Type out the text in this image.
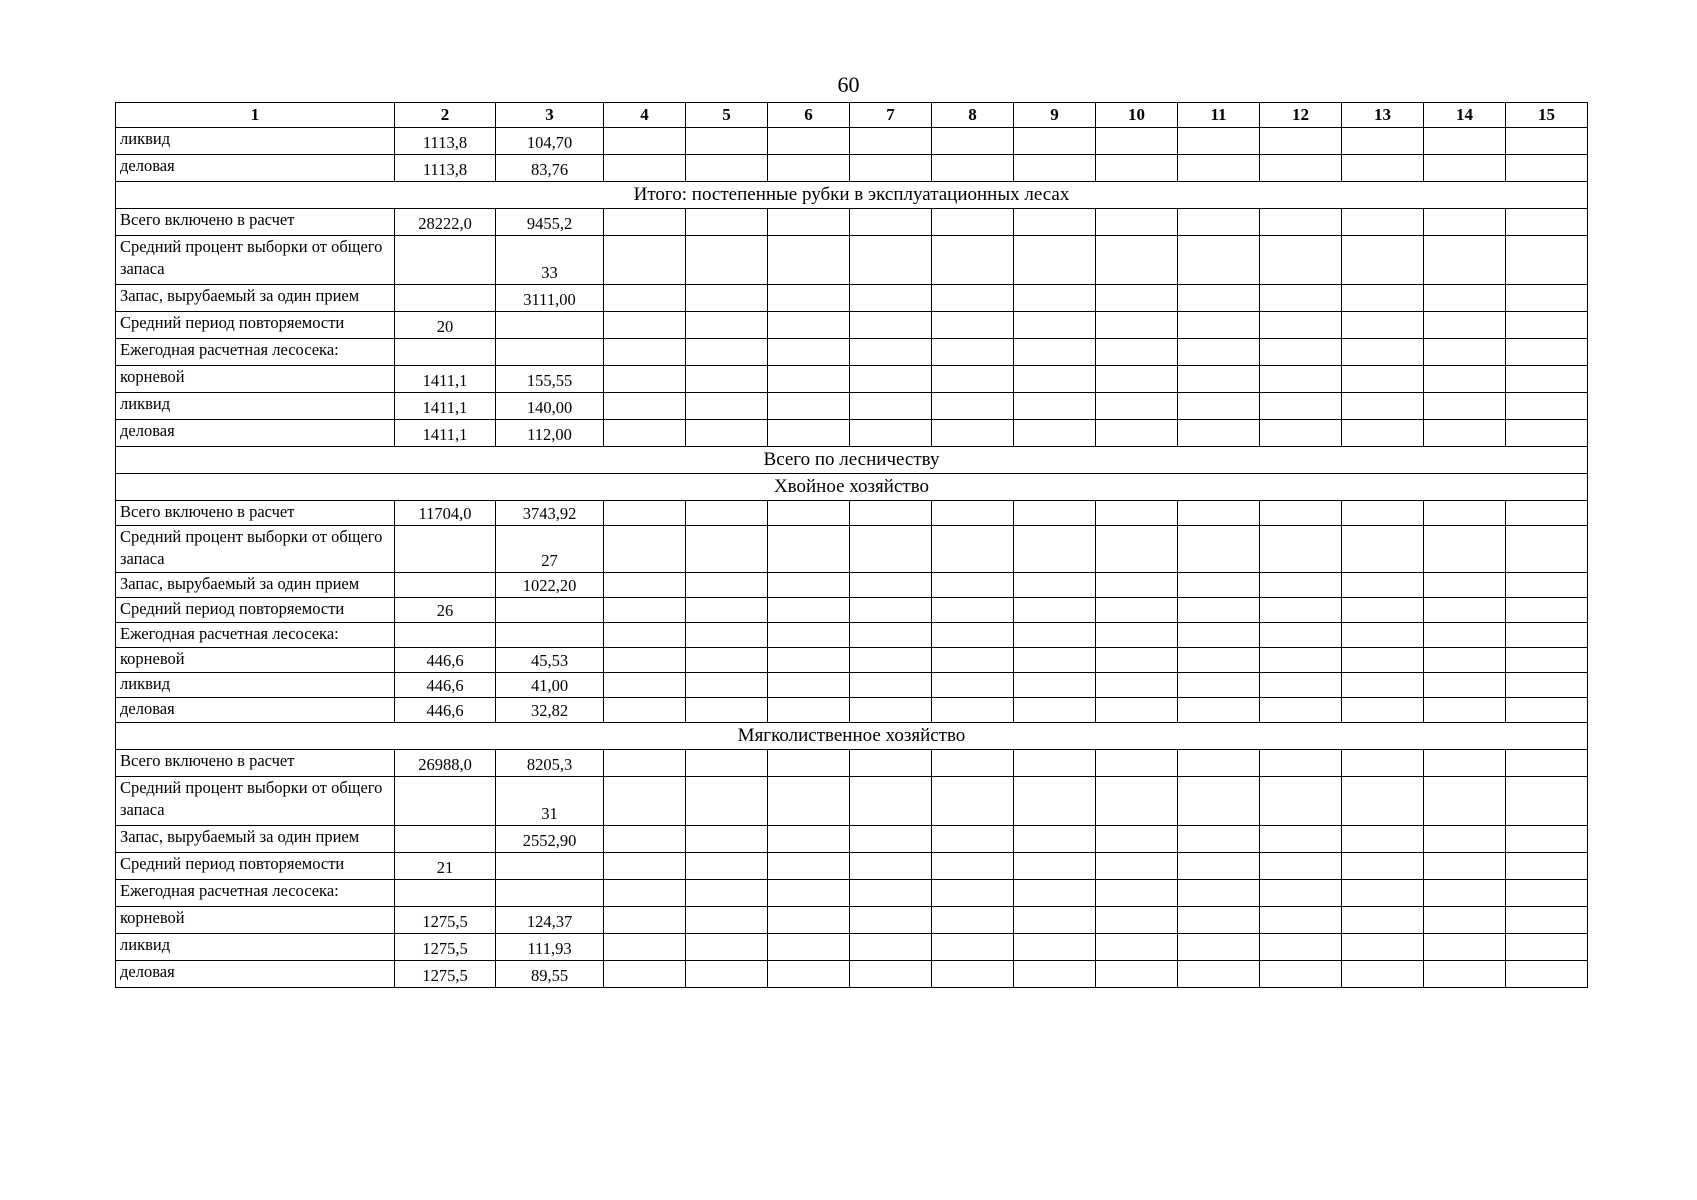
60
1	2	3	4	5	6	7	8	9	10	11	12	13	14	15
ликвид	1113,8	104,70												
деловая	1113,8	83,76												
Итого: постепенные рубки в эксплуатационных лесах														
Всего включено в расчет	28222,0	9455,2												
Средний процент выборки от общего запаса		33												
Запас, вырубаемый за один прием		3111,00												
Средний период повторяемости	20													
Ежегодная расчетная лесосека:														
корневой	1411,1	155,55												
ликвид	1411,1	140,00												
деловая	1411,1	112,00												
Всего по лесничеству														
Хвойное хозяйство														
Всего включено в расчет	11704,0	3743,92												
Средний процент выборки от общего запаса		27												
Запас, вырубаемый за один прием		1022,20												
Средний период повторяемости	26													
Ежегодная расчетная лесосека:														
корневой	446,6	45,53												
ликвид	446,6	41,00												
деловая	446,6	32,82												
Мягколиственное хозяйство														
Всего включено в расчет	26988,0	8205,3												
Средний процент выборки от общего запаса		31												
Запас, вырубаемый за один прием		2552,90												
Средний период повторяемости	21													
Ежегодная расчетная лесосека:														
корневой	1275,5	124,37												
ликвид	1275,5	111,93												
деловая	1275,5	89,55												
